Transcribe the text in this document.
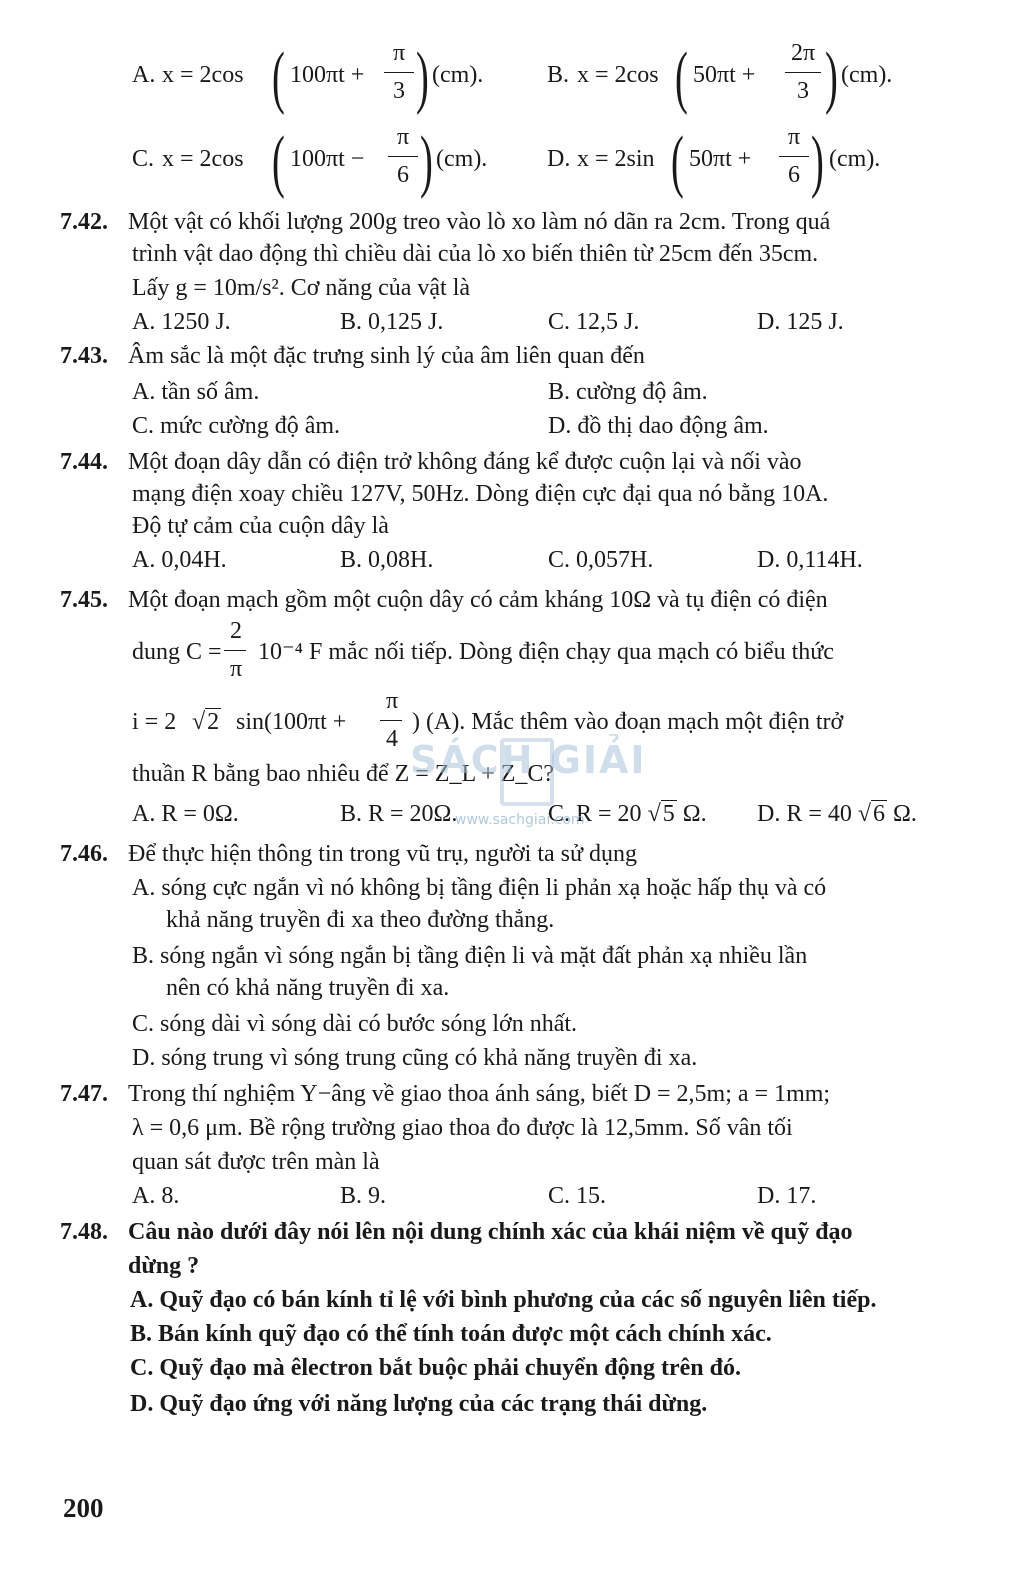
A. x = 2cos ( 100πt +
π
3 ) (cm).	B. x = 2cos ( 50πt +
2π
3 ) (cm).
C. x = 2cos ( 100πt −
π
6 ) (cm). D. x = 2sin ( 50πt +
π
6 ) (cm).
7.42. Một vật có khối lượng 200g treo vào lò xo làm nó dãn ra 2cm. Trong quá
trình vật dao động thì chiều dài của lò xo biến thiên từ 25cm đến 35cm.
Lấy g = 10m/s². Cơ năng của vật là
A. 1250 J.	B. 0,125 J.	C. 12,5 J.	D. 125 J.
7.43. Âm sắc là một đặc trưng sinh lý của âm liên quan đến
A. tần số âm.	B. cường độ âm.
C. mức cường độ âm.	D. đồ thị dao động âm.
7.44. Một đoạn dây dẫn có điện trở không đáng kể được cuộn lại và nối vào
mạng điện xoay chiều 127V, 50Hz. Dòng điện cực đại qua nó bằng 10A.
Độ tự cảm của cuộn dây là
A. 0,04H.	B. 0,08H.	C. 0,057H.	D. 0,114H.
7.45. Một đoạn mạch gồm một cuộn dây có cảm kháng 10Ω và tụ điện có điện
dung C =
2
π
10⁻⁴ F mắc nối tiếp. Dòng điện chạy qua mạch có biểu thức
i = 2 √2 sin(100πt +
π
4
) (A). Mắc thêm vào đoạn mạch một điện trở
thuần R bằng bao nhiêu để Z = Z_L + Z_C?
A. R = 0Ω.	B. R = 20Ω.	C. R = 20 √5 Ω. D. R = 40 √6 Ω.
SÁCH GIẢI
www.sachgiai.com
7.46. Để thực hiện thông tin trong vũ trụ, người ta sử dụng
A. sóng cực ngắn vì nó không bị tầng điện li phản xạ hoặc hấp thụ và có
khả năng truyền đi xa theo đường thẳng.
B. sóng ngắn vì sóng ngắn bị tầng điện li và mặt đất phản xạ nhiều lần
nên có khả năng truyền đi xa.
C. sóng dài vì sóng dài có bước sóng lớn nhất.
D. sóng trung vì sóng trung cũng có khả năng truyền đi xa.
7.47. Trong thí nghiệm Y−âng về giao thoa ánh sáng, biết D = 2,5m; a = 1mm;
λ = 0,6 μm. Bề rộng trường giao thoa đo được là 12,5mm. Số vân tối
quan sát được trên màn là
A. 8.	B. 9.	C. 15.	D. 17.
7.48. Câu nào dưới đây nói lên nội dung chính xác của khái niệm về quỹ đạo
dừng ?
A. Quỹ đạo có bán kính tỉ lệ với bình phương của các số nguyên liên tiếp.
B. Bán kính quỹ đạo có thể tính toán được một cách chính xác.
C. Quỹ đạo mà êlectron bắt buộc phải chuyển động trên đó.
D. Quỹ đạo ứng với năng lượng của các trạng thái dừng.
200
